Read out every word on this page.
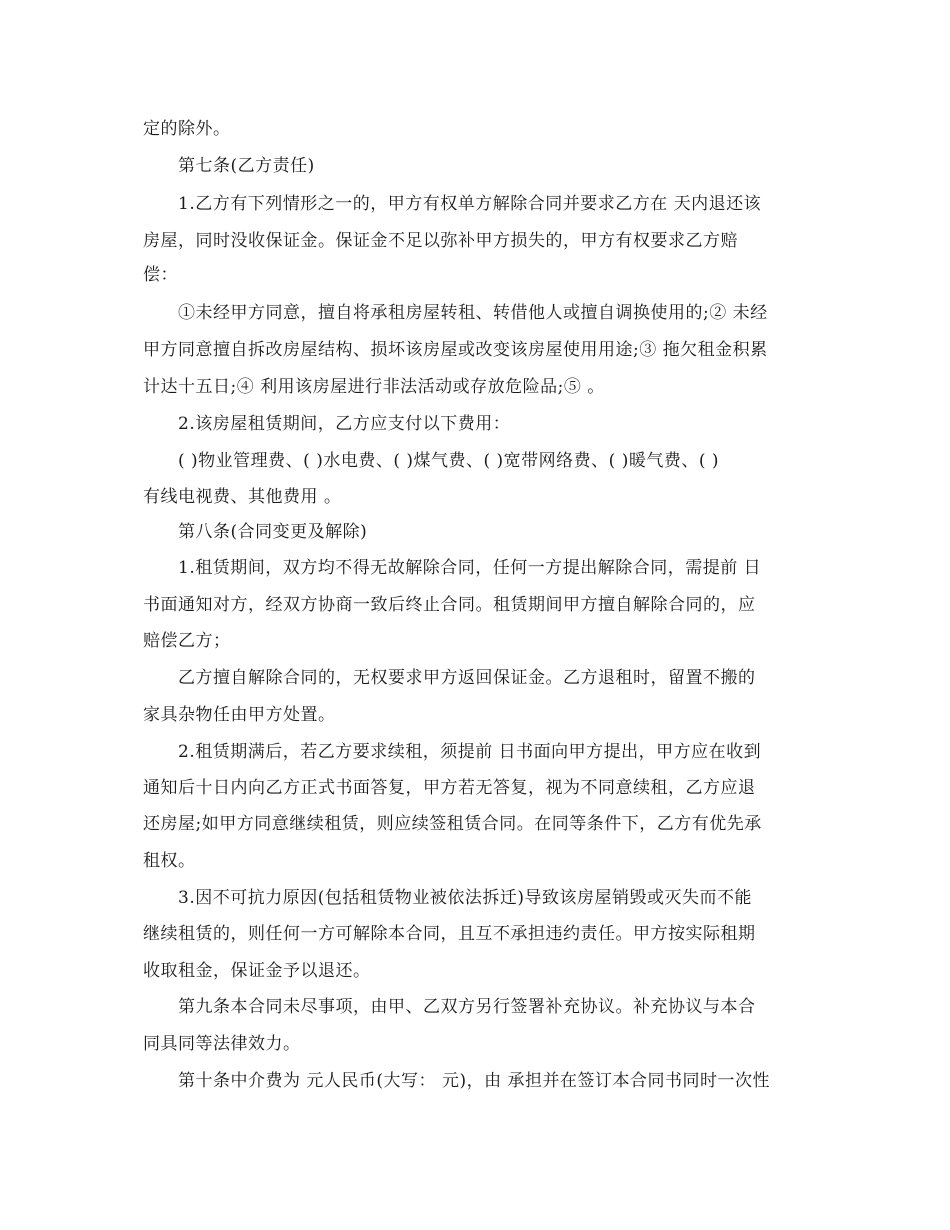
定的除外。
第七条(乙方责任)
1.乙方有下列情形之一的，甲方有权单方解除合同并要求乙方在 天内退还该
房屋，同时没收保证金。保证金不足以弥补甲方损失的，甲方有权要求乙方赔
偿：
①未经甲方同意，擅自将承租房屋转租、转借他人或擅自调换使用的;② 未经
甲方同意擅自拆改房屋结构、损坏该房屋或改变该房屋使用用途;③ 拖欠租金积累
计达十五日;④ 利用该房屋进行非法活动或存放危险品;⑤ 。
2.该房屋租赁期间，乙方应支付以下费用：
( )物业管理费、( )水电费、( )煤气费、( )宽带网络费、( )暖气费、( )
有线电视费、其他费用 。
第八条(合同变更及解除)
1.租赁期间，双方均不得无故解除合同，任何一方提出解除合同，需提前 日
书面通知对方，经双方协商一致后终止合同。租赁期间甲方擅自解除合同的，应
赔偿乙方；
乙方擅自解除合同的，无权要求甲方返回保证金。乙方退租时，留置不搬的
家具杂物任由甲方处置。
2.租赁期满后，若乙方要求续租，须提前 日书面向甲方提出，甲方应在收到
通知后十日内向乙方正式书面答复，甲方若无答复，视为不同意续租，乙方应退
还房屋;如甲方同意继续租赁，则应续签租赁合同。在同等条件下，乙方有优先承
租权。
3.因不可抗力原因(包括租赁物业被依法拆迁)导致该房屋销毁或灭失而不能
继续租赁的，则任何一方可解除本合同，且互不承担违约责任。甲方按实际租期
收取租金，保证金予以退还。
第九条本合同未尽事项，由甲、乙双方另行签署补充协议。补充协议与本合
同具同等法律效力。
第十条中介费为 元人民币(大写： 元)，由 承担并在签订本合同书同时一次性
